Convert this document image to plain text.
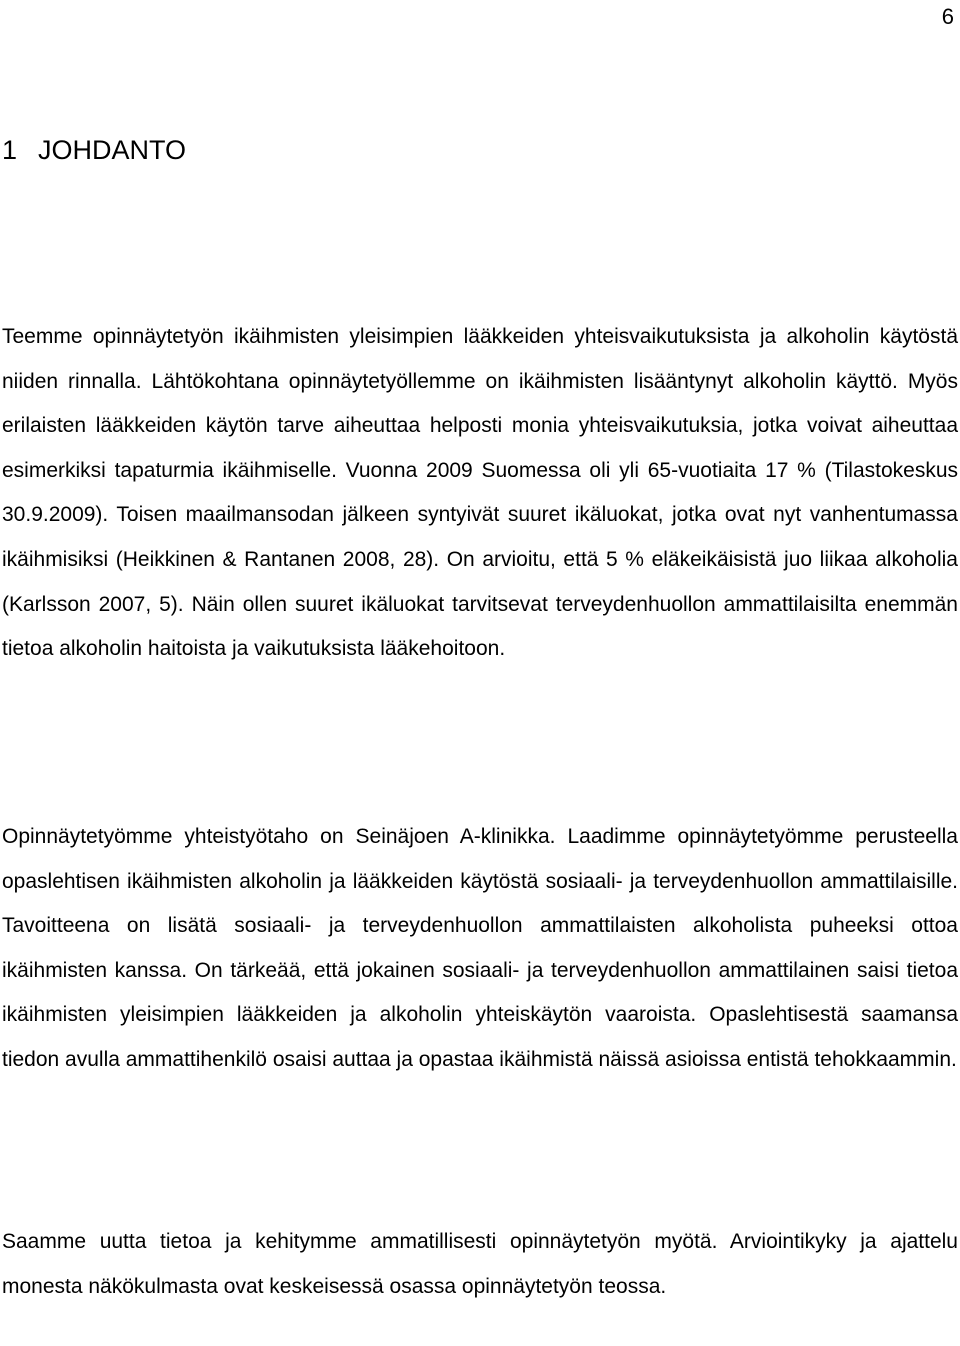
6
1 JOHDANTO

Teemme opinnäytetyön ikäihmisten yleisimpien lääkkeiden yhteisvaikutuksista ja alkoholin käytöstä niiden rinnalla. Lähtökohtana opinnäytetyöllemme on ikäihmisten lisääntynyt alkoholin käyttö. Myös erilaisten lääkkeiden käytön tarve aiheuttaa helposti monia yhteisvaikutuksia, jotka voivat aiheuttaa esimerkiksi tapaturmia ikäihmiselle. Vuonna 2009 Suomessa oli yli 65-vuotiaita 17 % (Tilastokeskus 30.9.2009). Toisen maailmansodan jälkeen syntyivät suuret ikäluokat, jotka ovat nyt vanhentumassa ikäihmisiksi (Heikkinen & Rantanen 2008, 28). On arvioitu, että 5 % eläkeikäisistä juo liikaa alkoholia (Karlsson 2007, 5). Näin ollen suuret ikäluokat tarvitsevat terveydenhuollon ammattilaisilta enemmän tietoa alkoholin haitoista ja vaikutuksista lääkehoitoon.

Opinnäytetyömme yhteistyötaho on Seinäjoen A-klinikka. Laadimme opinnäytetyömme perusteella opaslehtisen ikäihmisten alkoholin ja lääkkeiden käytöstä sosiaali- ja terveydenhuollon ammattilaisille. Tavoitteena on lisätä sosiaali- ja terveydenhuollon ammattilaisten alkoholista puheeksi ottoa ikäihmisten kanssa. On tärkeää, että jokainen sosiaali- ja terveydenhuollon ammattilainen saisi tietoa ikäihmisten yleisimpien lääkkeiden ja alkoholin yhteiskäytön vaaroista. Opaslehtisestä saamansa tiedon avulla ammattihenkilö osaisi auttaa ja opastaa ikäihmistä näissä asioissa entistä tehokkaammin.

Saamme uutta tietoa ja kehitymme ammatillisesti opinnäytetyön myötä. Arviointikyky ja ajattelu monesta näkökulmasta ovat keskeisessä osassa opinnäytetyön teossa.
